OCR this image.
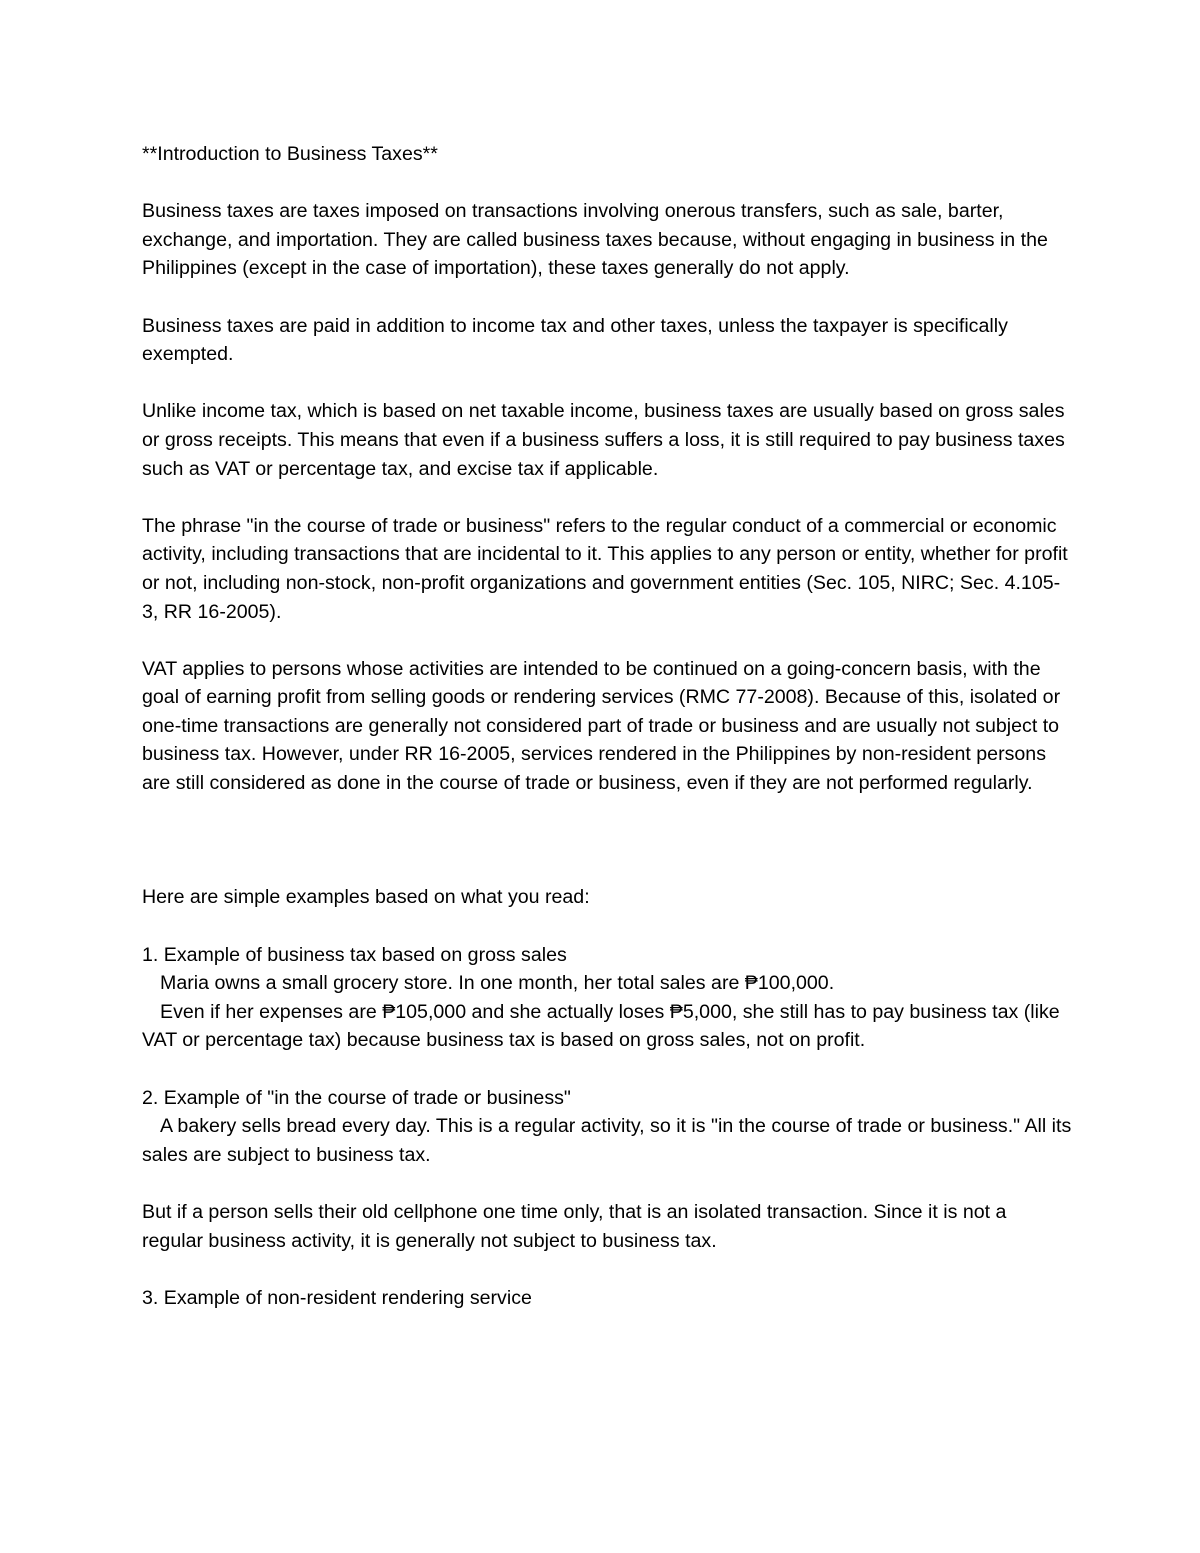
**Introduction to Business Taxes**

Business taxes are taxes imposed on transactions involving onerous transfers, such as sale, barter, exchange, and importation. They are called business taxes because, without engaging in business in the Philippines (except in the case of importation), these taxes generally do not apply.

Business taxes are paid in addition to income tax and other taxes, unless the taxpayer is specifically exempted.

Unlike income tax, which is based on net taxable income, business taxes are usually based on gross sales or gross receipts. This means that even if a business suffers a loss, it is still required to pay business taxes such as VAT or percentage tax, and excise tax if applicable.

The phrase "in the course of trade or business" refers to the regular conduct of a commercial or economic activity, including transactions that are incidental to it. This applies to any person or entity, whether for profit or not, including non-stock, non-profit organizations and government entities (Sec. 105, NIRC; Sec. 4.105-3, RR 16-2005).

VAT applies to persons whose activities are intended to be continued on a going-concern basis, with the goal of earning profit from selling goods or rendering services (RMC 77-2008). Because of this, isolated or one-time transactions are generally not considered part of trade or business and are usually not subject to business tax. However, under RR 16-2005, services rendered in the Philippines by non-resident persons are still considered as done in the course of trade or business, even if they are not performed regularly.

Here are simple examples based on what you read:

1. Example of business tax based on gross sales

Maria owns a small grocery store. In one month, her total sales are ₱100,000.

Even if her expenses are ₱105,000 and she actually loses ₱5,000, she still has to pay business tax (like VAT or percentage tax) because business tax is based on gross sales, not on profit.

2. Example of "in the course of trade or business"

A bakery sells bread every day. This is a regular activity, so it is "in the course of trade or business." All its sales are subject to business tax.

But if a person sells their old cellphone one time only, that is an isolated transaction. Since it is not a regular business activity, it is generally not subject to business tax.

3. Example of non-resident rendering service
